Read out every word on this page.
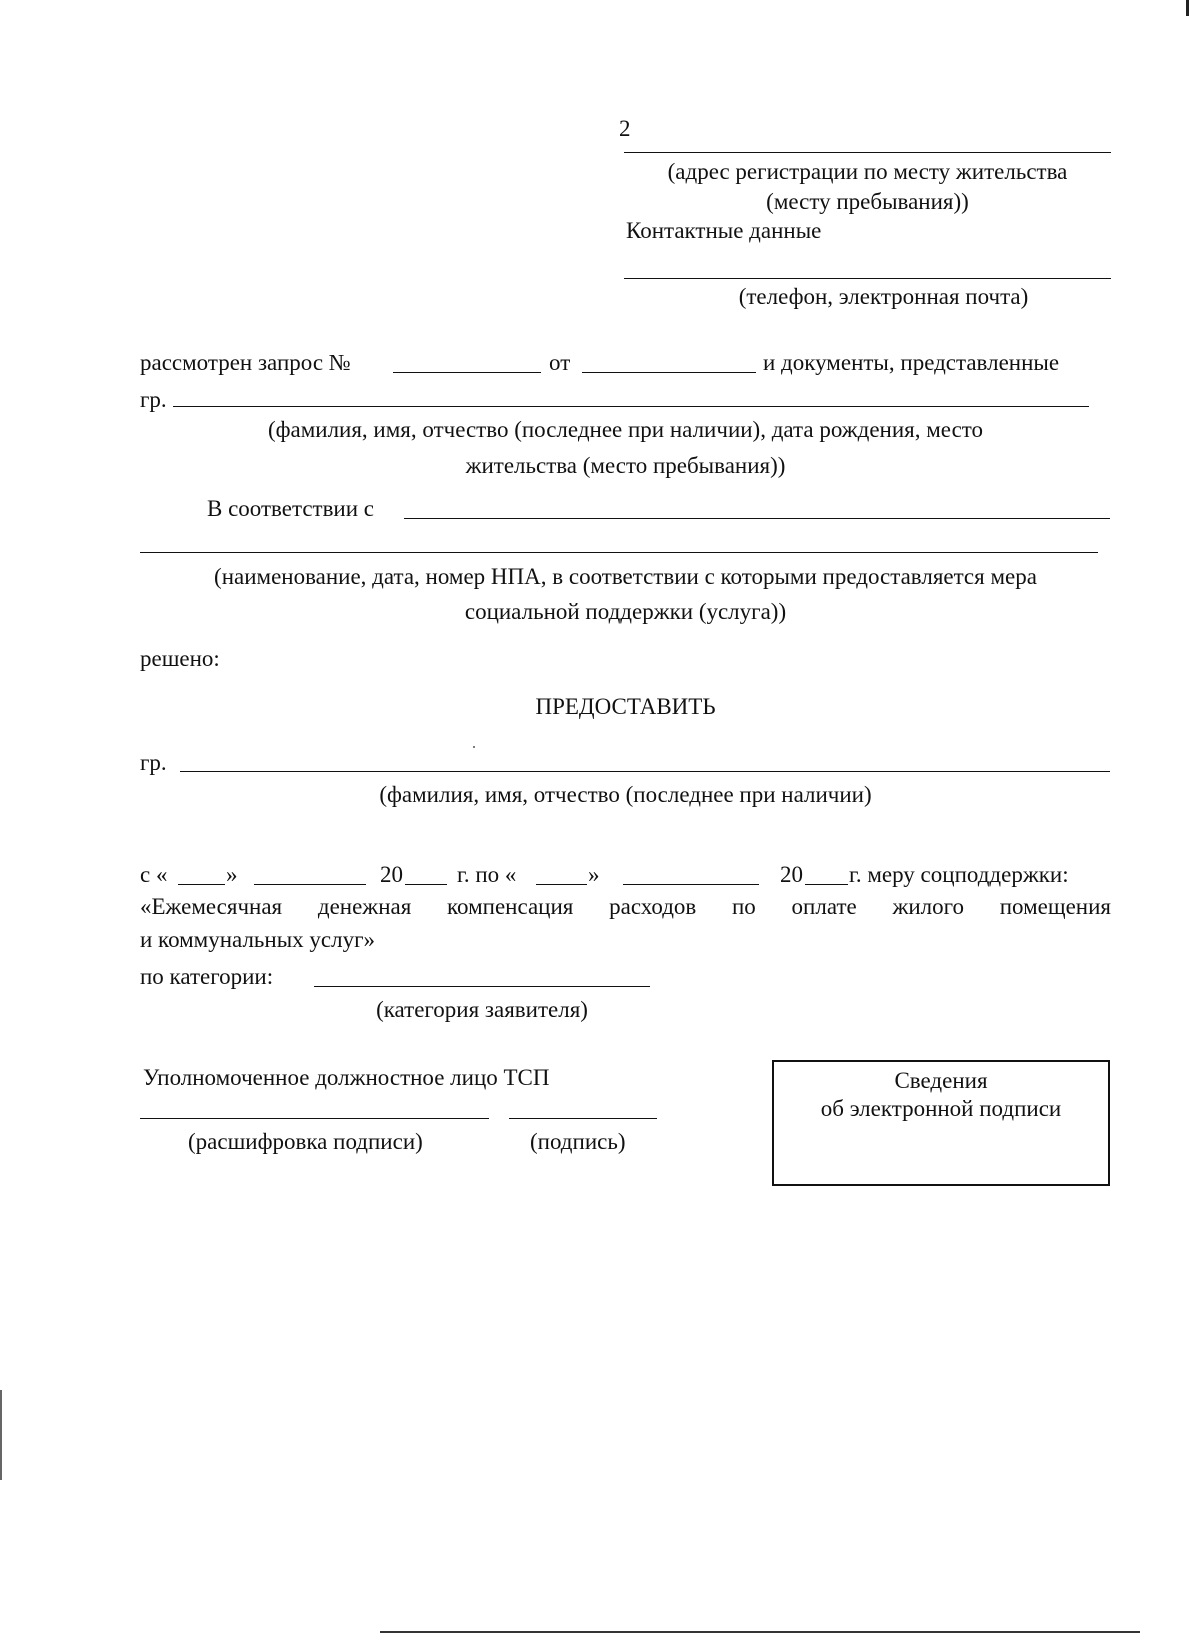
2
(адрес регистрации по месту жительства
(месту пребывания))
Контактные данные
(телефон, электронная почта)
рассмотрен запрос №	от	и документы, представленные
гр.
(фамилия, имя, отчество (последнее при наличии), дата рождения, место
жительства (место пребывания))
В соответствии с
(наименование, дата, номер НПА, в соответствии с которыми предоставляется мера
социальной поддержки (услуга))
решено:
ПРЕДОСТАВИТЬ
гр.
(фамилия, имя, отчество (последнее при наличии)
с «	»	20 г. по «	»	20 г. меру соцподдержки:
«Ежемесячная денежная компенсация расходов по оплате жилого помещения
и коммунальных услуг»
по категории:
(категория заявителя)
Уполномоченное должностное лицо ТСП
(расшифровка подписи)	(подпись)
Сведения
об электронной подписи
